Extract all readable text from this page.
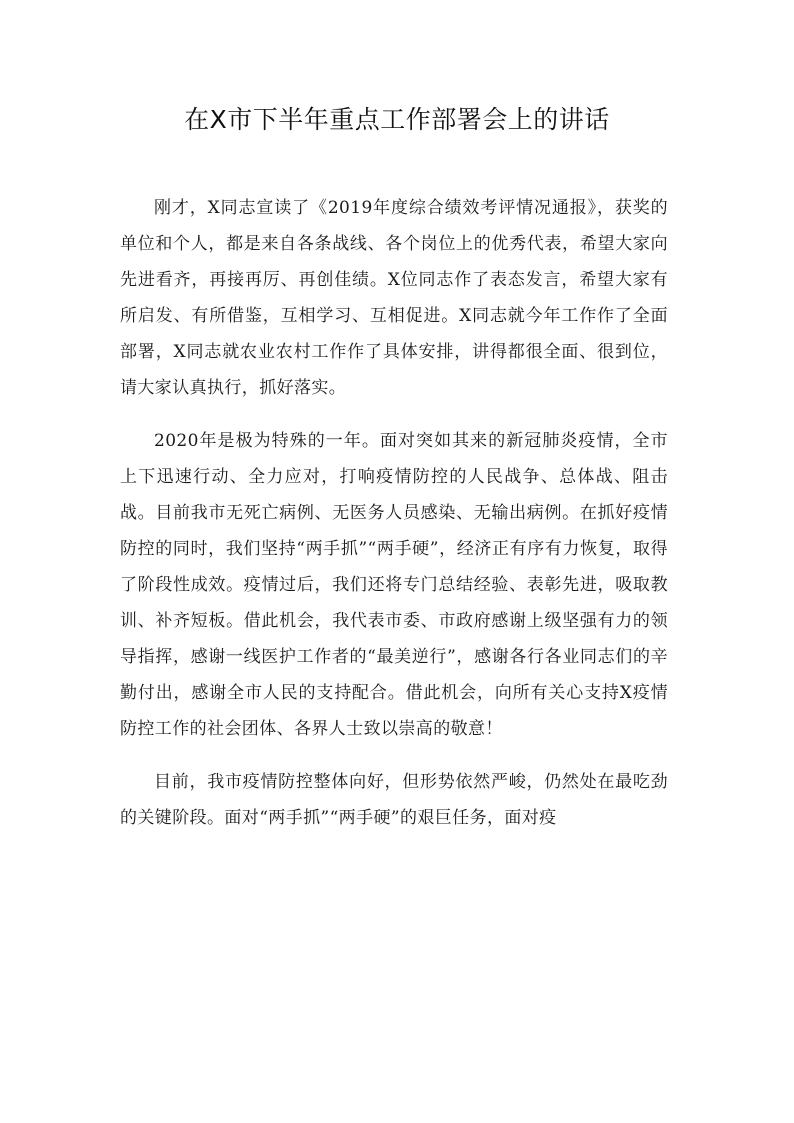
在X市下半年重点工作部署会上的讲话

刚才，X同志宣读了《2019年度综合绩效考评情况通报》，获奖的单位和个人，都是来自各条战线、各个岗位上的优秀代表，希望大家向先进看齐，再接再厉、再创佳绩。X位同志作了表态发言，希望大家有所启发、有所借鉴，互相学习、互相促进。X同志就今年工作作了全面部署，X同志就农业农村工作作了具体安排，讲得都很全面、很到位，请大家认真执行，抓好落实。

2020年是极为特殊的一年。面对突如其来的新冠肺炎疫情，全市上下迅速行动、全力应对，打响疫情防控的人民战争、总体战、阻击战。目前我市无死亡病例、无医务人员感染、无输出病例。在抓好疫情防控的同时，我们坚持“两手抓”“两手硬”，经济正有序有力恢复，取得了阶段性成效。疫情过后，我们还将专门总结经验、表彰先进，吸取教训、补齐短板。借此机会，我代表市委、市政府感谢上级坚强有力的领导指挥，感谢一线医护工作者的“最美逆行”，感谢各行各业同志们的辛勤付出，感谢全市人民的支持配合。借此机会，向所有关心支持X疫情防控工作的社会团体、各界人士致以崇高的敬意！

目前，我市疫情防控整体向好，但形势依然严峻，仍然处在最吃劲的关键阶段。面对“两手抓”“两手硬”的艰巨任务，面对疫
